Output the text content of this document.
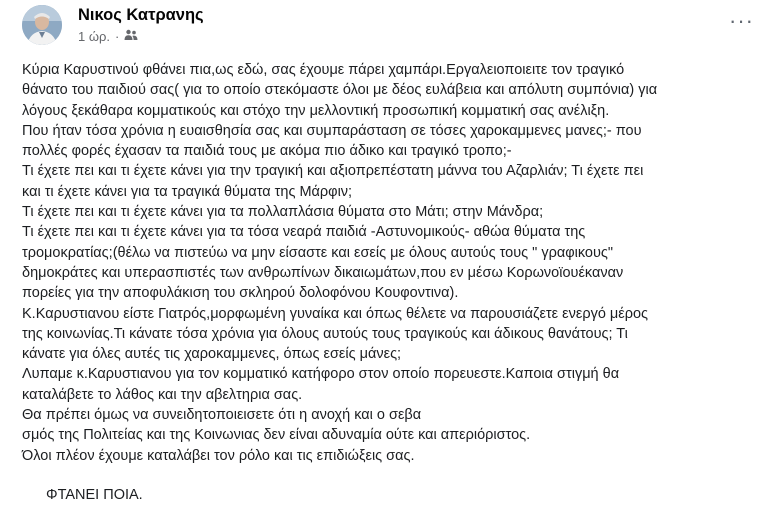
Νικος Κατρανης
1 ώρ. ·
···

Κύρια Καρυστινού φθάνει πια,ως εδώ, σας έχουμε πάρει χαμπάρι.Εργαλειοποιειτε τον τραγικό

θάνατο του παιδιού σας( για το οποίο στεκόμαστε όλοι με δέος ευλάβεια και απόλυτη συμπόνια) για

λόγους ξεκάθαρα κομματικούς και στόχο την μελλοντική προσωπική κομματική σας ανέλιξη.

Που ήταν τόσα χρόνια η ευαισθησία σας και συμπαράσταση σε τόσες χαροκαμμενες μανες;- που

πολλές φορές έχασαν τα παιδιά τους με ακόμα πιο άδικο και τραγικό τροπο;-

Τι έχετε πει και τι έχετε κάνει για την τραγική και αξιοπρεπέστατη μάννα του Αζαρλιάν; Τι έχετε πει

και τι έχετε κάνει για τα τραγικά θύματα της Μάρφιν;

Τι έχετε πει και τι έχετε κάνει για τα πολλαπλάσια θύματα στο Μάτι; στην Μάνδρα;

Τι έχετε πει και τι έχετε κάνει για τα τόσα νεαρά παιδιά -Αστυνομικούς- αθώα θύματα της

τρομοκρατίας;(θέλω να πιστεύω να μην είσαστε και εσείς με όλους αυτούς τους " γραφικους"

δημοκράτες και υπερασπιστές των ανθρωπίνων δικαιωμάτων,που εν μέσω Κορωνοϊουέκαναν

πορείες για την αποφυλάκιση του σκληρού δολοφόνου Κουφοντινα).

Κ.Καρυστιανου είστε Γιατρός,μορφωμένη γυναίκα και όπως θέλετε να παρουσιάζετε ενεργό μέρος

της κοινωνίας.Τι κάνατε τόσα χρόνια για όλους αυτούς τους τραγικούς και άδικους θανάτους; Τι

κάνατε για όλες αυτές τις χαροκαμμενες, όπως εσείς μάνες;

Λυπαμε κ.Καρυστιανου για τον κομματικό κατήφορο στον οποίο πορευεστε.Καποια στιγμή θα

καταλάβετε το λάθος και την αβελτηρια σας.

Θα πρέπει όμως να συνειδητοποιεισετε ότι η ανοχή και ο σεβα

σμός της Πολιτείας και της Κοινωνιας δεν είναι αδυναμία ούτε και απεριόριστος.

Όλοι πλέον έχουμε καταλάβει τον ρόλο και τις επιδιώξεις σας.

ΦΤΑΝΕΙ ΠΟΙΑ.
